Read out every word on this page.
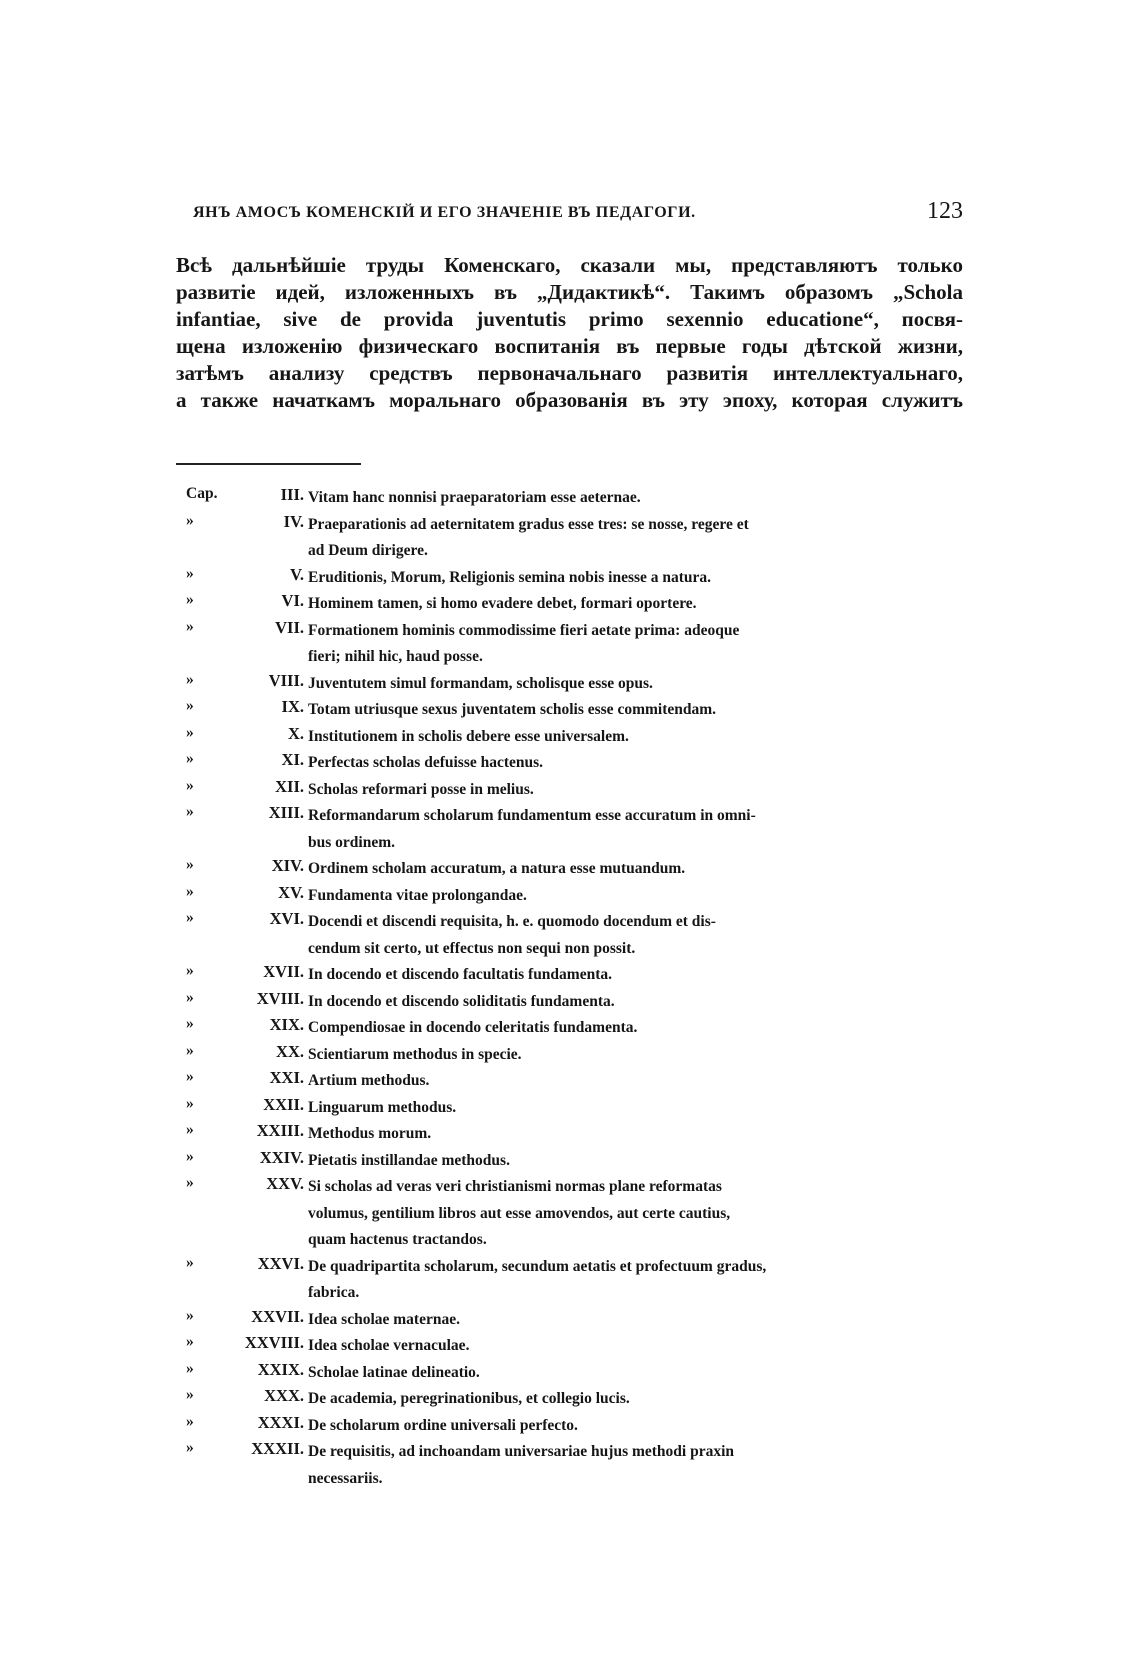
ЯНЪ АМОСЪ КОМЕНСКІЙ И ЕГО ЗНАЧЕНІЕ ВЪ ПЕДАГОГИ.	123
Всѣ дальнѣйшіе труды Коменскаго, сказали мы, представляютъ только
развитіе идей, изложенныхъ въ „Дидактикѣ“. Такимъ образомъ „Schola
infantiae, sive de provida juventutis primo sexennio educatione“, посвя-
щена изложенію физическаго воспитанія въ первые годы дѣтской жизни,
затѣмъ анализу средствъ первоначальнаго развитія интеллектуальнаго,
а также начаткамъ моральнаго образованія въ эту эпоху, которая служитъ
Cap.	III. Vitam hanc nonnisi praeparatoriam esse aeternae.
»	IV. Praeparationis ad aeternitatem gradus esse tres: se nosse, regere et
ad Deum dirigere.
»	V. Eruditionis, Morum, Religionis semina nobis inesse a natura.
»	VI. Hominem tamen, si homo evadere debet, formari oportere.
»	VII. Formationem hominis commodissime fieri aetate prima: adeoque
fieri; nihil hic, haud posse.
»	VIII. Juventutem simul formandam, scholisque esse opus.
»	IX. Totam utriusque sexus juventatem scholis esse commitendam.
»	X. Institutionem in scholis debere esse universalem.
»	XI. Perfectas scholas defuisse hactenus.
»	XII. Scholas reformari posse in melius.
»	XIII. Reformandarum scholarum fundamentum esse accuratum in omni-
bus ordinem.
»	XIV. Ordinem scholam accuratum, a natura esse mutuandum.
»	XV. Fundamenta vitae prolongandae.
»	XVI. Docendi et discendi requisita, h. e. quomodo docendum et dis-
cendum sit certo, ut effectus non sequi non possit.
»	XVII. In docendo et discendo facultatis fundamenta.
»	XVIII. In docendo et discendo soliditatis fundamenta.
»	XIX. Compendiosae in docendo celeritatis fundamenta.
»	XX. Scientiarum methodus in specie.
»	XXI. Artium methodus.
»	XXII. Linguarum methodus.
»	XXIII. Methodus morum.
»	XXIV. Pietatis instillandae methodus.
»	XXV. Si scholas ad veras veri christianismi normas plane reformatas
volumus, gentilium libros aut esse amovendos, aut certe cautius,
quam hactenus tractandos.
»	XXVI. De quadripartita scholarum, secundum aetatis et profectuum gradus,
fabrica.
»	XXVII. Idea scholae maternae.
»	XXVIII. Idea scholae vernaculae.
»	XXIX. Scholae latinae delineatio.
»	XXX. De academia, peregrinationibus, et collegio lucis.
»	XXXI. De scholarum ordine universali perfecto.
»	XXXII. De requisitis, ad inchoandam universariae hujus methodi praxin
necessariis.
